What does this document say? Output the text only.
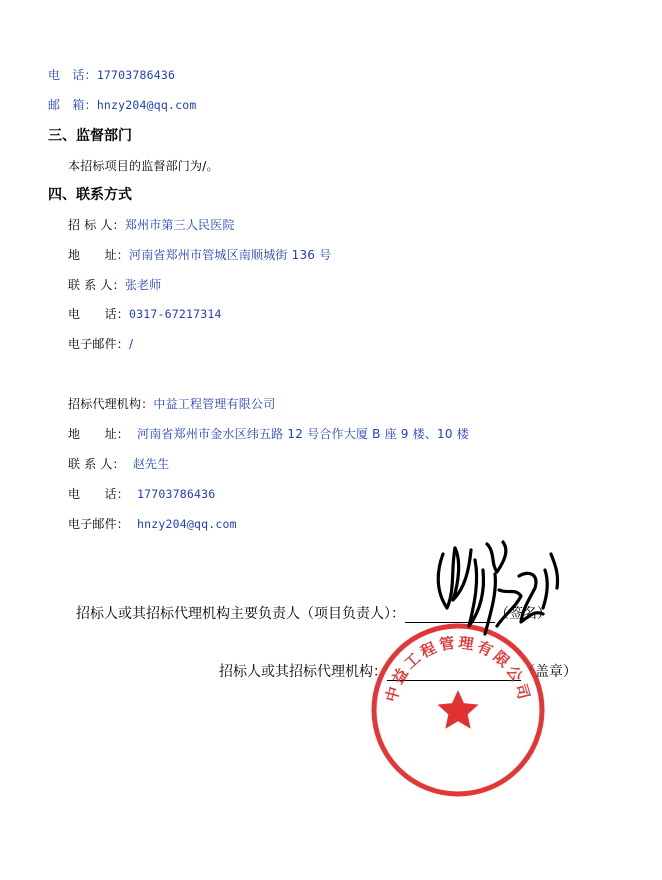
电　话：17703786436
邮　箱：hnzy204@qq.com
三、监督部门
本招标项目的监督部门为/。
四、联系方式
招 标 人：郑州市第三人民医院
地　　址：河南省郑州市管城区南顺城街 136 号
联 系 人：张老师
电　　话：0317-67217314
电子邮件：/
招标代理机构：中益工程管理有限公司
地　　址： 河南省郑州市金水区纬五路 12 号合作大厦 B 座 9 楼、10 楼
联 系 人： 赵先生
电　　话： 17703786436
电子邮件： hnzy204@qq.com
招标人或其招标代理机构主要负责人（项目负责人）：	（签名）
招标人或其招标代理机构：	（盖章）
中益工程管理有限公司
